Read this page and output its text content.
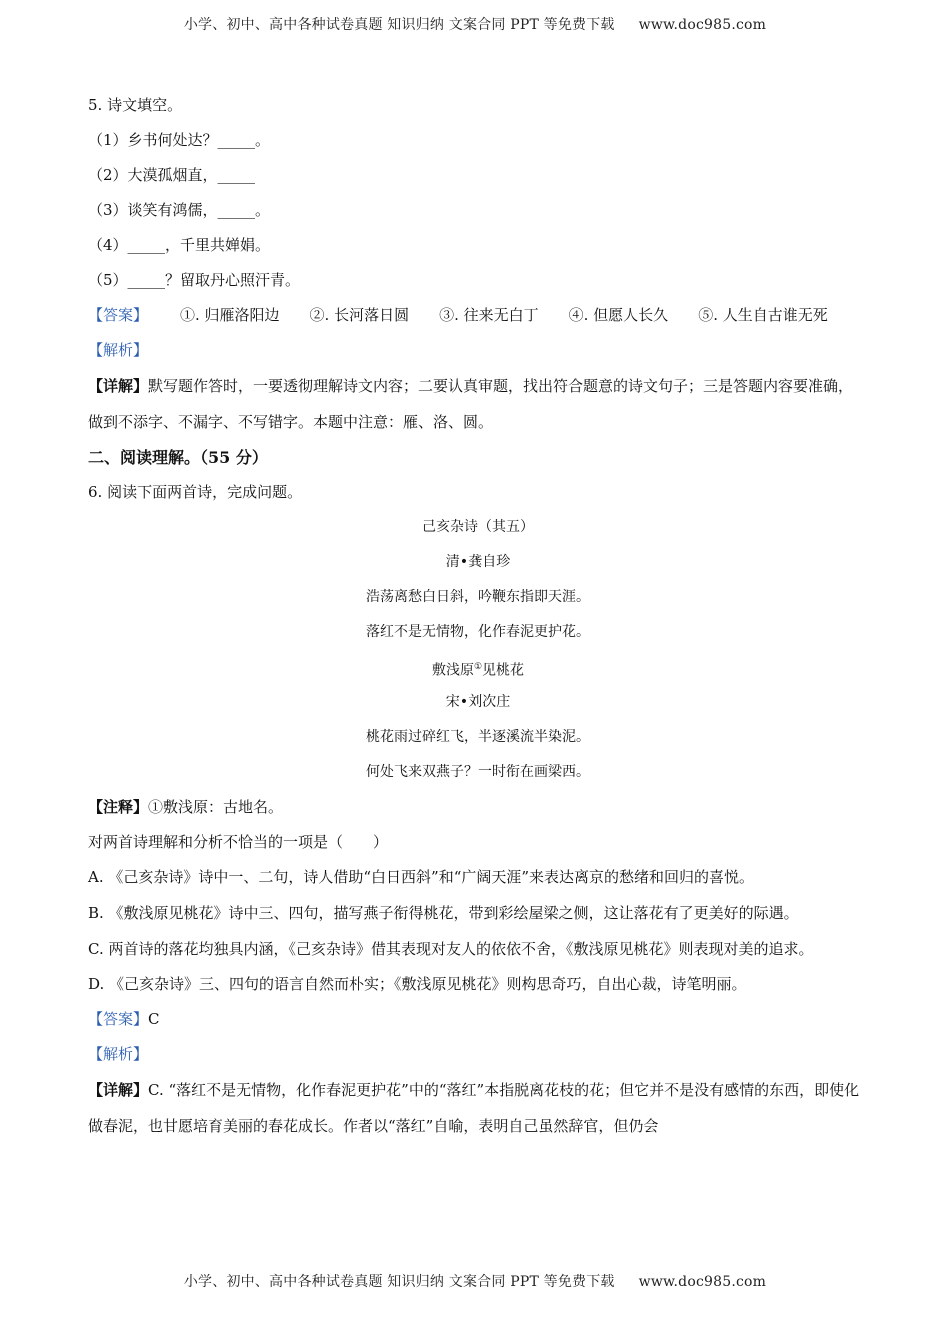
小学、初中、高中各种试卷真题 知识归纳 文案合同 PPT 等免费下载 www.doc985.com
5. 诗文填空。
（1）乡书何处达？_____。
（2）大漠孤烟直，_____
（3）谈笑有鸿儒，_____。
（4）_____，千里共婵娟。
（5）_____？留取丹心照汗青。
【答案】	①. 归雁洛阳边 ②. 长河落日圆 ③. 往来无白丁 ④. 但愿人长久 ⑤. 人生自古谁无死
【解析】
【详解】默写题作答时，一要透彻理解诗文内容；二要认真审题，找出符合题意的诗文句子；三是答题内容要准确，做到不添字、不漏字、不写错字。本题中注意：雁、洛、圆。
二、阅读理解。（55 分）
6. 阅读下面两首诗，完成问题。
己亥杂诗（其五）
清•龚自珍
浩荡离愁白日斜，吟鞭东指即天涯。
落红不是无情物，化作春泥更护花。
敷浅原①见桃花
宋•刘次庄
桃花雨过碎红飞，半逐溪流半染泥。
何处飞来双燕子？一时衔在画梁西。
【注释】①敷浅原：古地名。
对两首诗理解和分析不恰当的一项是（　　）
A. 《己亥杂诗》诗中一、二句，诗人借助“白日西斜”和“广阔天涯”来表达离京的愁绪和回归的喜悦。
B. 《敷浅原见桃花》诗中三、四句，描写燕子衔得桃花，带到彩绘屋梁之侧，这让落花有了更美好的际遇。
C. 两首诗的落花均独具内涵，《己亥杂诗》借其表现对友人的依依不舍，《敷浅原见桃花》则表现对美的追求。
D. 《己亥杂诗》三、四句的语言自然而朴实；《敷浅原见桃花》则构思奇巧，自出心裁，诗笔明丽。
【答案】C
【解析】
【详解】C. “落红不是无情物，化作春泥更护花”中的“落红”本指脱离花枝的花；但它并不是没有感情的东西，即使化做春泥，也甘愿培育美丽的春花成长。作者以“落红”自喻，表明自己虽然辞官，但仍会
小学、初中、高中各种试卷真题 知识归纳 文案合同 PPT 等免费下载 www.doc985.com
